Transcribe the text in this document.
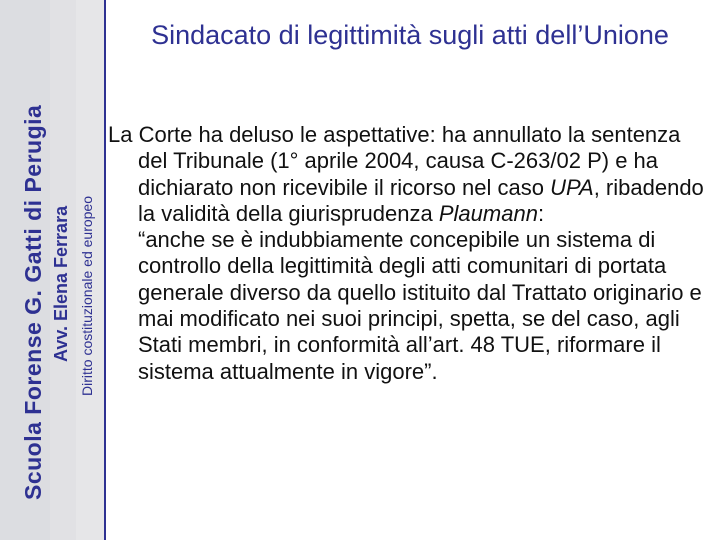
Scuola Forense G. Gatti di Perugia Avv. Elena Ferrara Diritto costituzionale ed europeo
Sindacato di legittimità sugli atti dell’Unione

La Corte ha deluso le aspettative: ha annullato la sentenza del Tribunale (1° aprile 2004, causa C-263/02 P) e ha dichiarato non ricevibile il ricorso nel caso UPA, ribadendo la validità della giurisprudenza Plaumann: “anche se è indubbiamente concepibile un sistema di controllo della legittimità degli atti comunitari di portata generale diverso da quello istituito dal Trattato originario e mai modificato nei suoi principi, spetta, se del caso, agli Stati membri, in conformità all’art. 48 TUE, riformare il sistema attualmente in vigore”.
